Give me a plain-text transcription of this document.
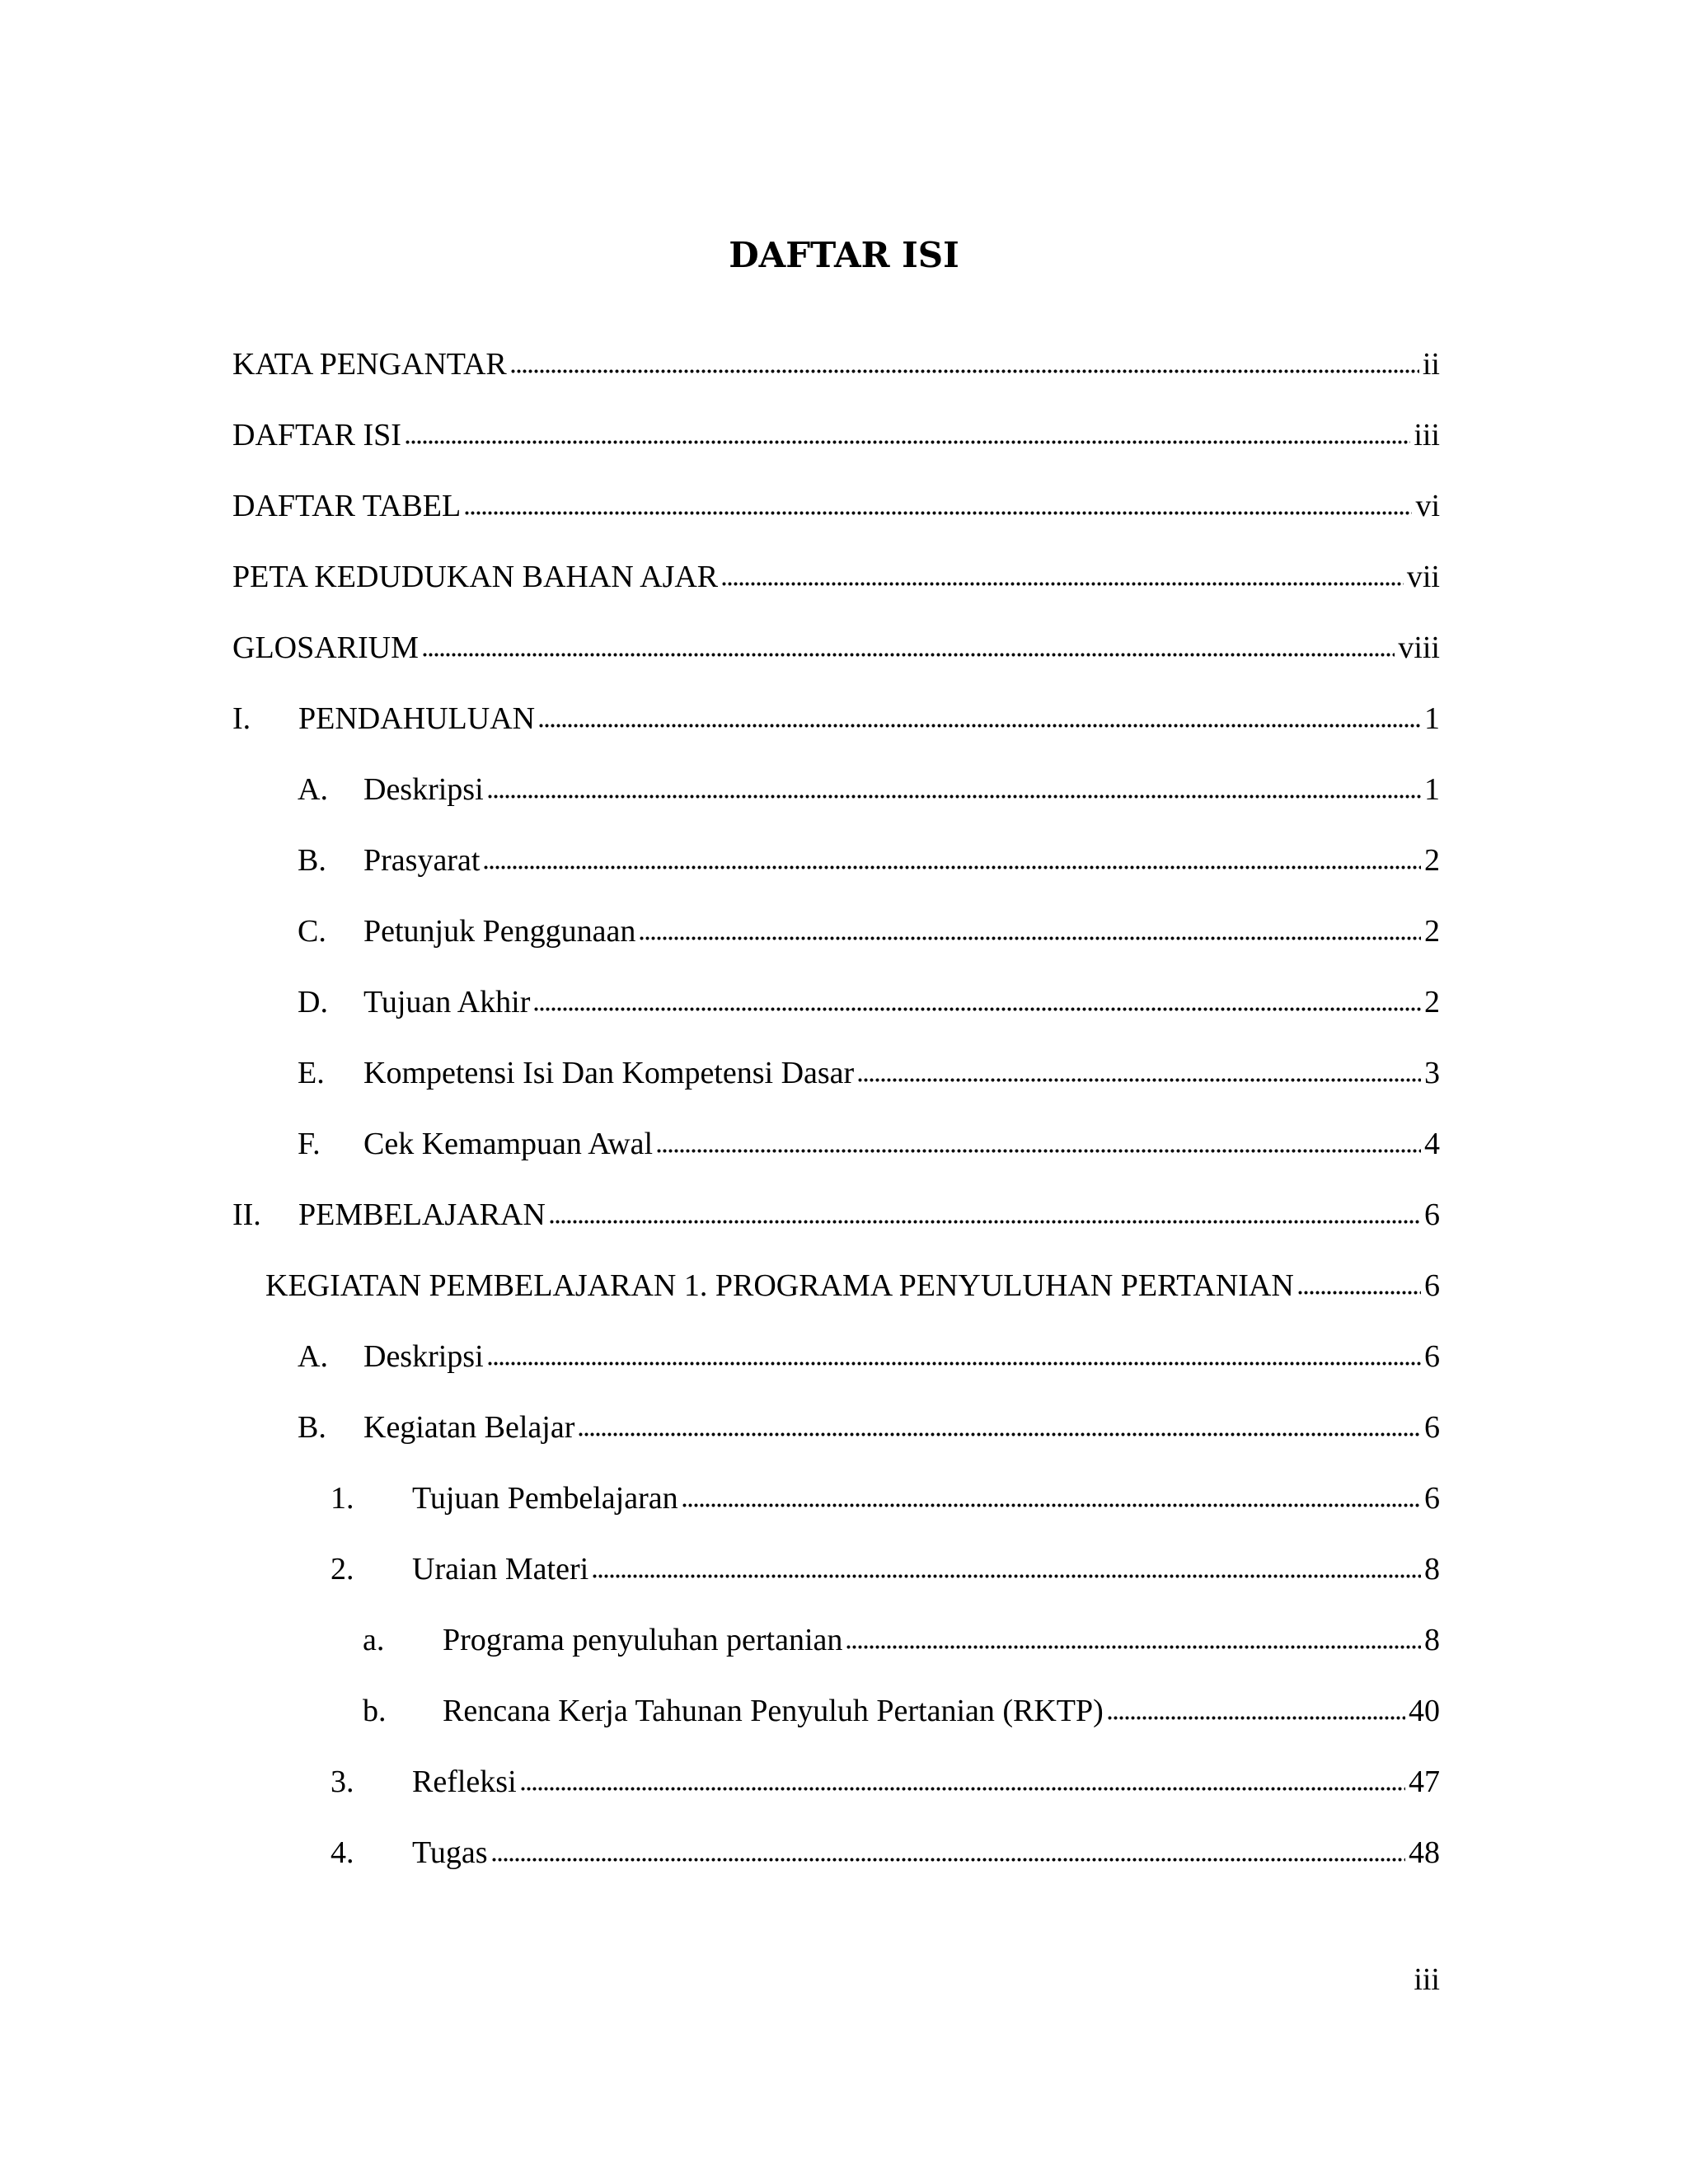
DAFTAR ISI
KATA PENGANTAR	ii
DAFTAR ISI	iii
DAFTAR TABEL	vi
PETA KEDUDUKAN BAHAN AJAR	vii
GLOSARIUM	viii
I.	PENDAHULUAN	1
A.	Deskripsi	1
B.	Prasyarat	2
C.	Petunjuk Penggunaan	2
D.	Tujuan Akhir	2
E.	Kompetensi Isi Dan Kompetensi Dasar	3
F.	Cek Kemampuan Awal	4
II.	PEMBELAJARAN	6
KEGIATAN PEMBELAJARAN 1. PROGRAMA PENYULUHAN PERTANIAN	6
A.	Deskripsi	6
B.	Kegiatan Belajar	6
1.	Tujuan Pembelajaran	6
2.	Uraian Materi	8
a.	Programa penyuluhan pertanian	8
b.	Rencana Kerja Tahunan Penyuluh Pertanian (RKTP)	40
3.	Refleksi	47
4.	Tugas	48
iii
